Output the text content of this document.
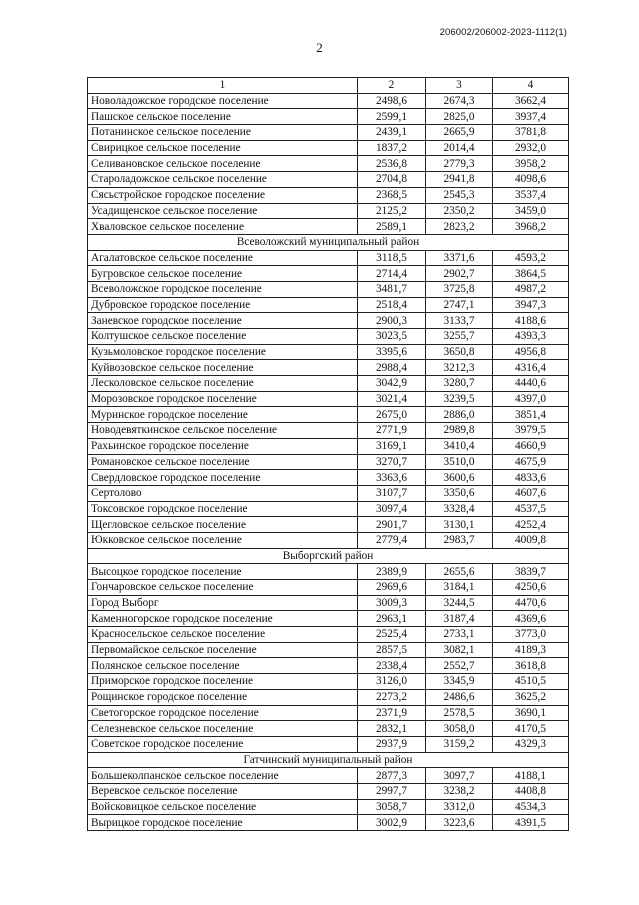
206002/206002-2023-1112(1)
2
1	2	3	4
Новоладожское городское поселение	2498,6	2674,3	3662,4
Пашское сельское поселение	2599,1	2825,0	3937,4
Потанинское сельское поселение	2439,1	2665,9	3781,8
Свирицкое сельское поселение	1837,2	2014,4	2932,0
Селивановское сельское поселение	2536,8	2779,3	3958,2
Староладожское сельское поселение	2704,8	2941,8	4098,6
Сясьстройское городское поселение	2368,5	2545,3	3537,4
Усадищенское сельское поселение	2125,2	2350,2	3459,0
Хваловское сельское поселение	2589,1	2823,2	3968,2
Всеволожский муниципальный район			
Агалатовское сельское поселение	3118,5	3371,6	4593,2
Бугровское сельское поселение	2714,4	2902,7	3864,5
Всеволожское городское поселение	3481,7	3725,8	4987,2
Дубровское городское поселение	2518,4	2747,1	3947,3
Заневское городское поселение	2900,3	3133,7	4188,6
Колтушское сельское поселение	3023,5	3255,7	4393,3
Кузьмоловское городское поселение	3395,6	3650,8	4956,8
Куйвозовское сельское поселение	2988,4	3212,3	4316,4
Лесколовское сельское поселение	3042,9	3280,7	4440,6
Морозовское городское поселение	3021,4	3239,5	4397,0
Муринское городское поселение	2675,0	2886,0	3851,4
Новодевяткинское сельское поселение	2771,9	2989,8	3979,5
Рахьинское городское поселение	3169,1	3410,4	4660,9
Романовское сельское поселение	3270,7	3510,0	4675,9
Свердловское городское поселение	3363,6	3600,6	4833,6
Сертолово	3107,7	3350,6	4607,6
Токсовское городское поселение	3097,4	3328,4	4537,5
Щегловское сельское поселение	2901,7	3130,1	4252,4
Юкковское сельское поселение	2779,4	2983,7	4009,8
Выборгский район			
Высоцкое городское поселение	2389,9	2655,6	3839,7
Гончаровское сельское поселение	2969,6	3184,1	4250,6
Город Выборг	3009,3	3244,5	4470,6
Каменногорское городское поселение	2963,1	3187,4	4369,6
Красносельское сельское поселение	2525,4	2733,1	3773,0
Первомайское сельское поселение	2857,5	3082,1	4189,3
Полянское сельское поселение	2338,4	2552,7	3618,8
Приморское городское поселение	3126,0	3345,9	4510,5
Рощинское городское поселение	2273,2	2486,6	3625,2
Светогорское городское поселение	2371,9	2578,5	3690,1
Селезневское сельское поселение	2832,1	3058,0	4170,5
Советское городское поселение	2937,9	3159,2	4329,3
Гатчинский муниципальный район			
Большеколпанское сельское поселение	2877,3	3097,7	4188,1
Веревское сельское поселение	2997,7	3238,2	4408,8
Войсковицкое сельское поселение	3058,7	3312,0	4534,3
Вырицкое городское поселение	3002,9	3223,6	4391,5
